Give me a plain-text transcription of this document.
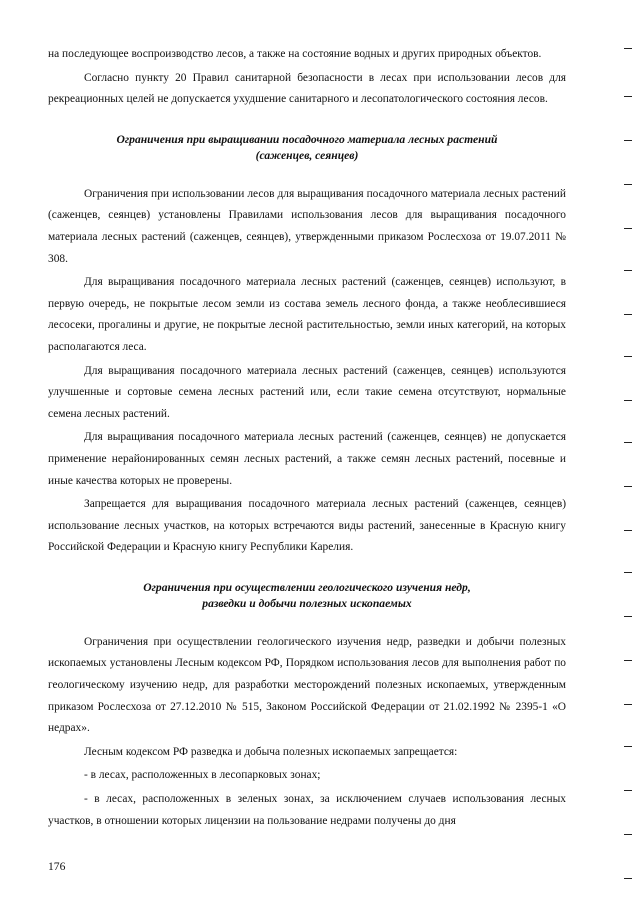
на последующее воспроизводство лесов, а также на состояние водных и других природных объектов.

Согласно пункту 20 Правил санитарной безопасности в лесах при использовании лесов для рекреационных целей не допускается ухудшение санитарного и лесопатологического состояния лесов.

Ограничения при выращивании посадочного материала лесных растений
(саженцев, сеянцев)

Ограничения при использовании лесов для выращивания посадочного материала лесных растений (саженцев, сеянцев) установлены Правилами использования лесов для выращивания посадочного материала лесных растений (саженцев, сеянцев), утвержденными приказом Рослесхоза от 19.07.2011 № 308.

Для выращивания посадочного материала лесных растений (саженцев, сеянцев) используют, в первую очередь, не покрытые лесом земли из состава земель лесного фонда, а также необлесившиеся лесосеки, прогалины и другие, не покрытые лесной растительностью, земли иных категорий, на которых располагаются леса.

Для выращивания посадочного материала лесных растений (саженцев, сеянцев) используются улучшенные и сортовые семена лесных растений или, если такие семена отсутствуют, нормальные семена лесных растений.

Для выращивания посадочного материала лесных растений (саженцев, сеянцев) не допускается применение нерайонированных семян лесных растений, а также семян лесных растений, посевные и иные качества которых не проверены.

Запрещается для выращивания посадочного материала лесных растений (саженцев, сеянцев) использование лесных участков, на которых встречаются виды растений, занесенные в Красную книгу Российской Федерации и Красную книгу Республики Карелия.

Ограничения при осуществлении геологического изучения недр,
разведки и добычи полезных ископаемых

Ограничения при осуществлении геологического изучения недр, разведки и добычи полезных ископаемых установлены Лесным кодексом РФ, Порядком использования лесов для выполнения работ по геологическому изучению недр, для разработки месторождений полезных ископаемых, утвержденным приказом Рослесхоза от 27.12.2010 № 515, Законом Российской Федерации от 21.02.1992 № 2395-1 «О недрах».

Лесным кодексом РФ разведка и добыча полезных ископаемых запрещается:

- в лесах, расположенных в лесопарковых зонах;

- в лесах, расположенных в зеленых зонах, за исключением случаев использования лесных участков, в отношении которых лицензии на пользование недрами получены до дня

176
